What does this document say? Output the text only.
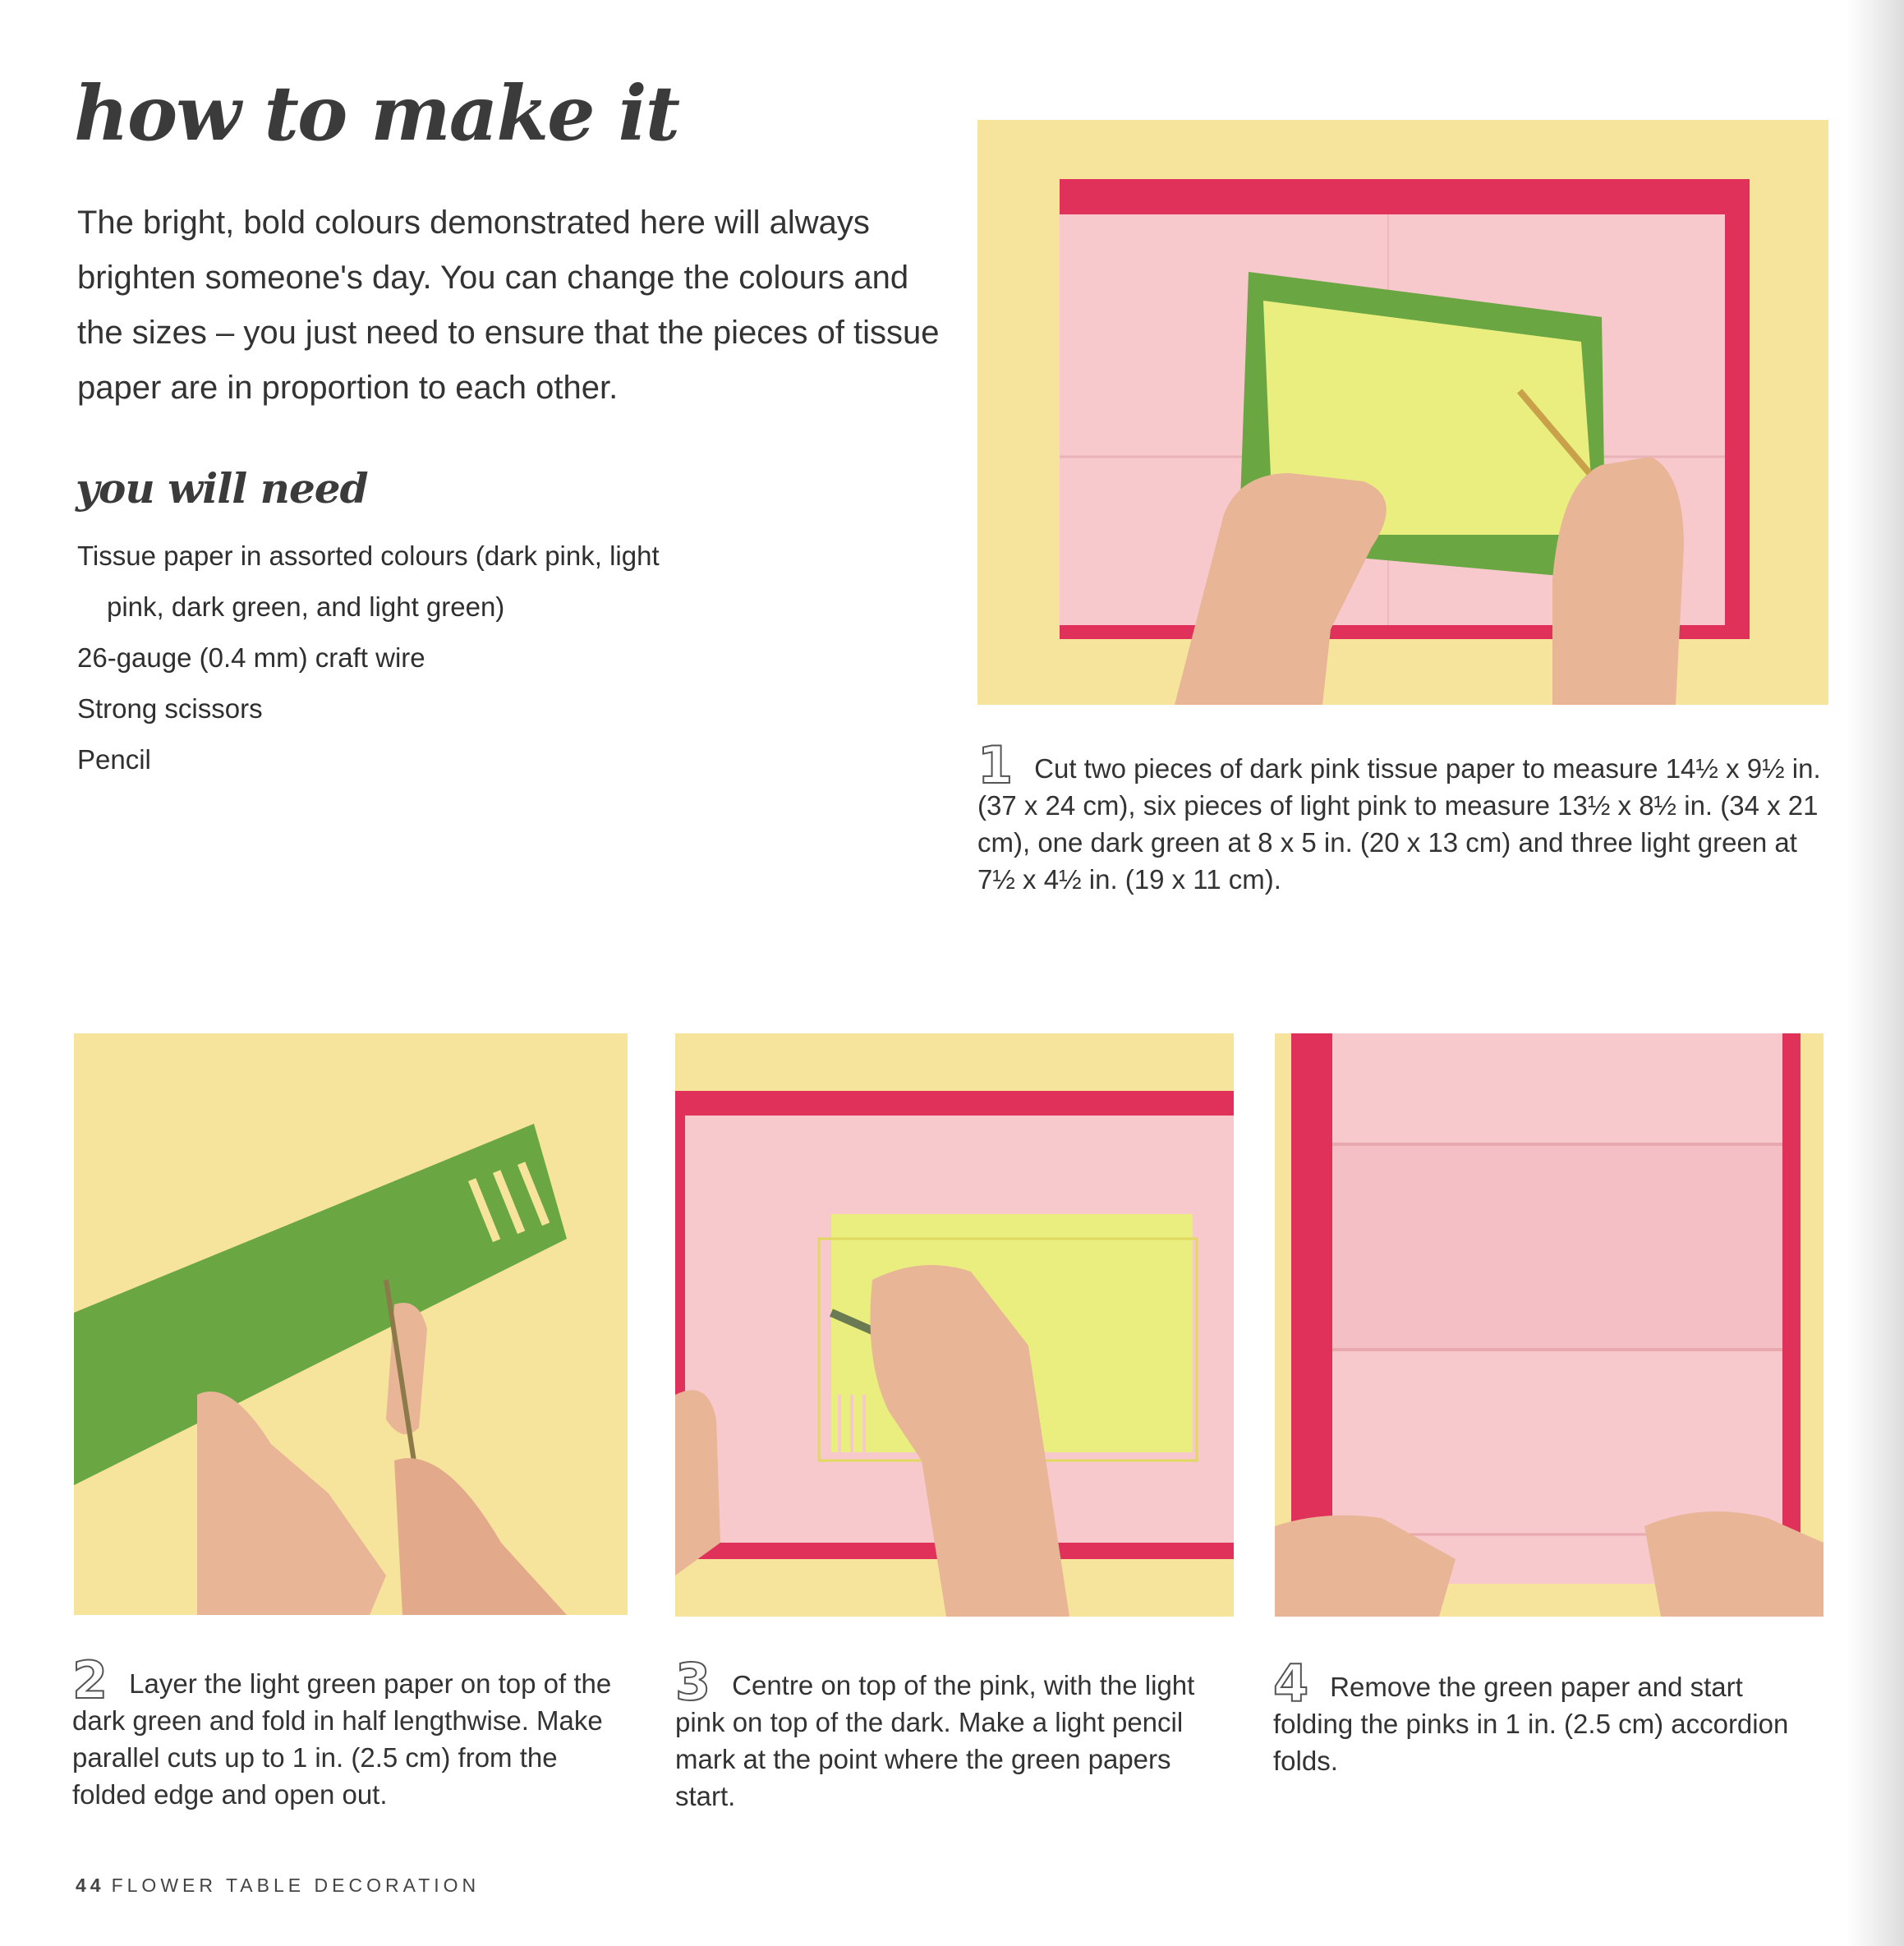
how to make it

The bright, bold colours demonstrated here will always brighten someone's day. You can change the colours and the sizes – you just need to ensure that the pieces of tissue paper are in proportion to each other.

you will need
Tissue paper in assorted colours (dark pink, light pink, dark green, and light green)
26-gauge (0.4 mm) craft wire
Strong scissors
Pencil	1 Cut two pieces of dark pink tissue paper to measure 14½ x 9½ in. (37 x 24 cm), six pieces of light pink to measure 13½ x 8½ in. (34 x 21 cm), one dark green at 8 x 5 in. (20 x 13 cm) and three light green at 7½ x 4½ in. (19 x 11 cm).
2 Layer the light green paper on top of the dark green and fold in half lengthwise. Make parallel cuts up to 1 in. (2.5 cm) from the folded edge and open out.
3 Centre on top of the pink, with the light pink on top of the dark. Make a light pencil mark at the point where the green papers start.
4 Remove the green paper and start folding the pinks in 1 in. (2.5 cm) accordion folds.
44 FLOWER TABLE DECORATION
